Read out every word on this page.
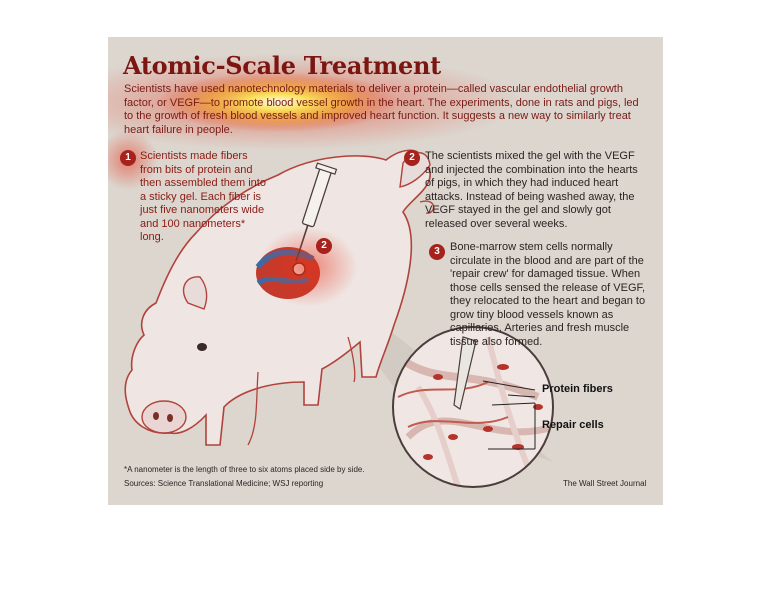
Atomic-Scale Treatment

Scientists have used nanotechnology materials to deliver a protein—called vascular endothelial growth factor, or VEGF—to promote blood vessel growth in the heart. The experiments, done in rats and pigs, led to the growth of fresh blood vessels and improved heart function. It suggests a new way to similarly treat heart failure in people.

1 Scientists made fibers from bits of protein and then assembled them into a sticky gel. Each fiber is just five nanometers wide and 100 nanometers* long.

2 The scientists mixed the gel with the VEGF and injected the combination into the hearts of pigs, in which they had induced heart attacks. Instead of being washed away, the VEGF stayed in the gel and slowly got released over several weeks.

3 Bone-marrow stem cells normally circulate in the blood and are part of the 'repair crew' for damaged tissue. When those cells sensed the release of VEGF, they relocated to the heart and began to grow tiny blood vessels known as capillaries. Arteries and fresh muscle tissue also formed.

2
Protein fibers
Repair cells
*A nanometer is the length of three to six atoms placed side by side.
Sources: Science Translational Medicine; WSJ reporting	The Wall Street Journal
